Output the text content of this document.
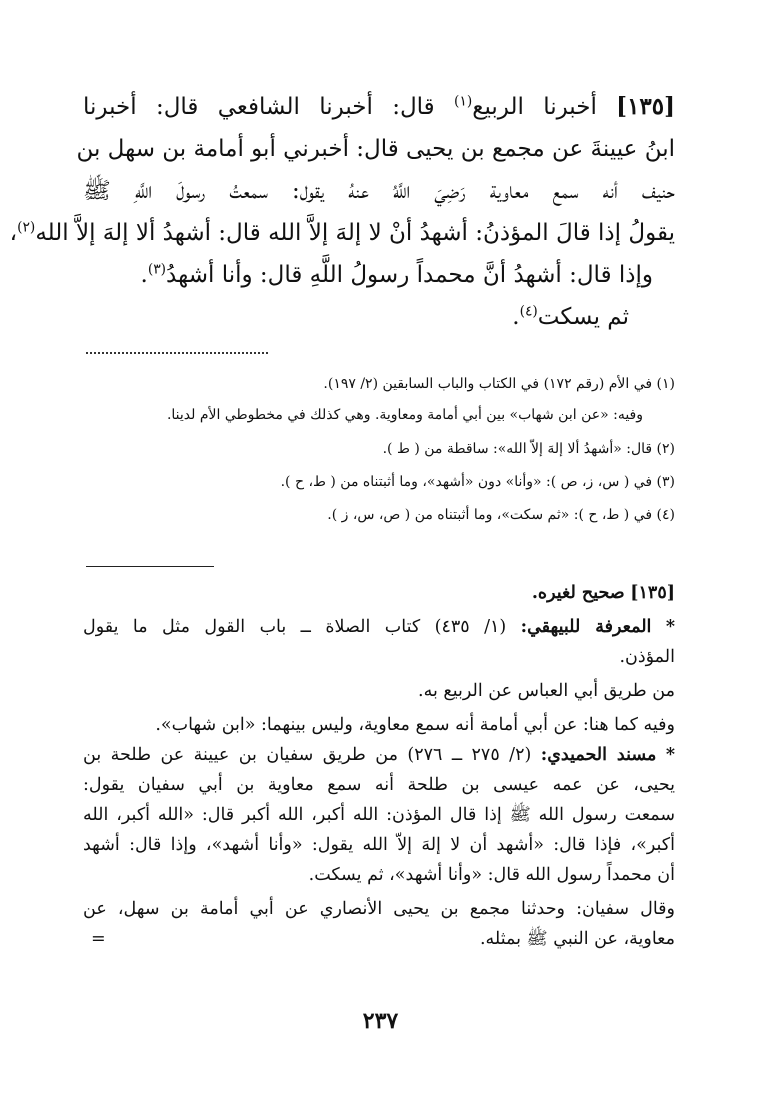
[١٣٥] أخبرنا الربيع$^{(١)}$ قال: أخبرنا الشافعي قال: أخبرنا
ابنُ عيينةَ عن مجمع بن يحيى قال: أخبرني أبو أمامة بن سهل بن
حنيف أنه سمع معاوية رَضِيَ اللَّهُ عنهُ يقول: سمعتُ رسولَ اللَّهِ ﷺ
يقولُ إذا قالَ المؤذنُ: أشهدُ أنْ لا إلهَ إلاَّ الله قال: أشهدُ ألا إلهَ إلاَّ الله$^{(٢)}$،
وإذا قال: أشهدُ أنَّ محمداً رسولُ اللَّهِ قال: وأنا أشهدُ$^{(٣)}$.
ثم يسكت$^{(٤)}$.
(١) في الأم (رقم ١٧٢) في الكتاب والباب السابقين (٢/ ١٩٧).
وفيه: «عن ابن شهاب» بين أبي أمامة ومعاوية. وهي كذلك في مخطوطي الأم لدينا.
(٢) قال: «أشهدُ ألا إلهَ إلاّ الله»: ساقطة من ( ط ).
(٣) في ( س، ز، ص ): «وأنا» دون «أشهد»، وما أثبتناه من ( ط، ح ).
(٤) في ( ط، ح ): «ثم سكت»، وما أثبتناه من ( ص، س، ز ).
[١٣٥] صحيح لغيره.
* المعرفة للبيهقي: (١/ ٤٣٥) كتاب الصلاة ــ باب القول مثل ما يقول
المؤذن.
من طريق أبي العباس عن الربيع به.
وفيه كما هنا: عن أبي أمامة أنه سمع معاوية، وليس بينهما: «ابن شهاب».
* مسند الحميدي: (٢/ ٢٧٥ ــ ٢٧٦) من طريق سفيان بن عيينة عن طلحة بن
يحيى، عن عمه عيسى بن طلحة أنه سمع معاوية بن أبي سفيان يقول:
سمعت رسول الله ﷺ إذا قال المؤذن: الله أكبر، الله أكبر قال: «الله أكبر، الله
أكبر»، فإذا قال: «أشهد أن لا إلهَ إلاّ الله يقول: «وأنا أشهد»، وإذا قال: أشهد
أن محمداً رسول الله قال: «وأنا أشهد»، ثم يسكت.
وقال سفيان: وحدثنا مجمع بن يحيى الأنصاري عن أبي أمامة بن سهل، عن
معاوية، عن النبي ﷺ بمثله.
=
٢٣٧
